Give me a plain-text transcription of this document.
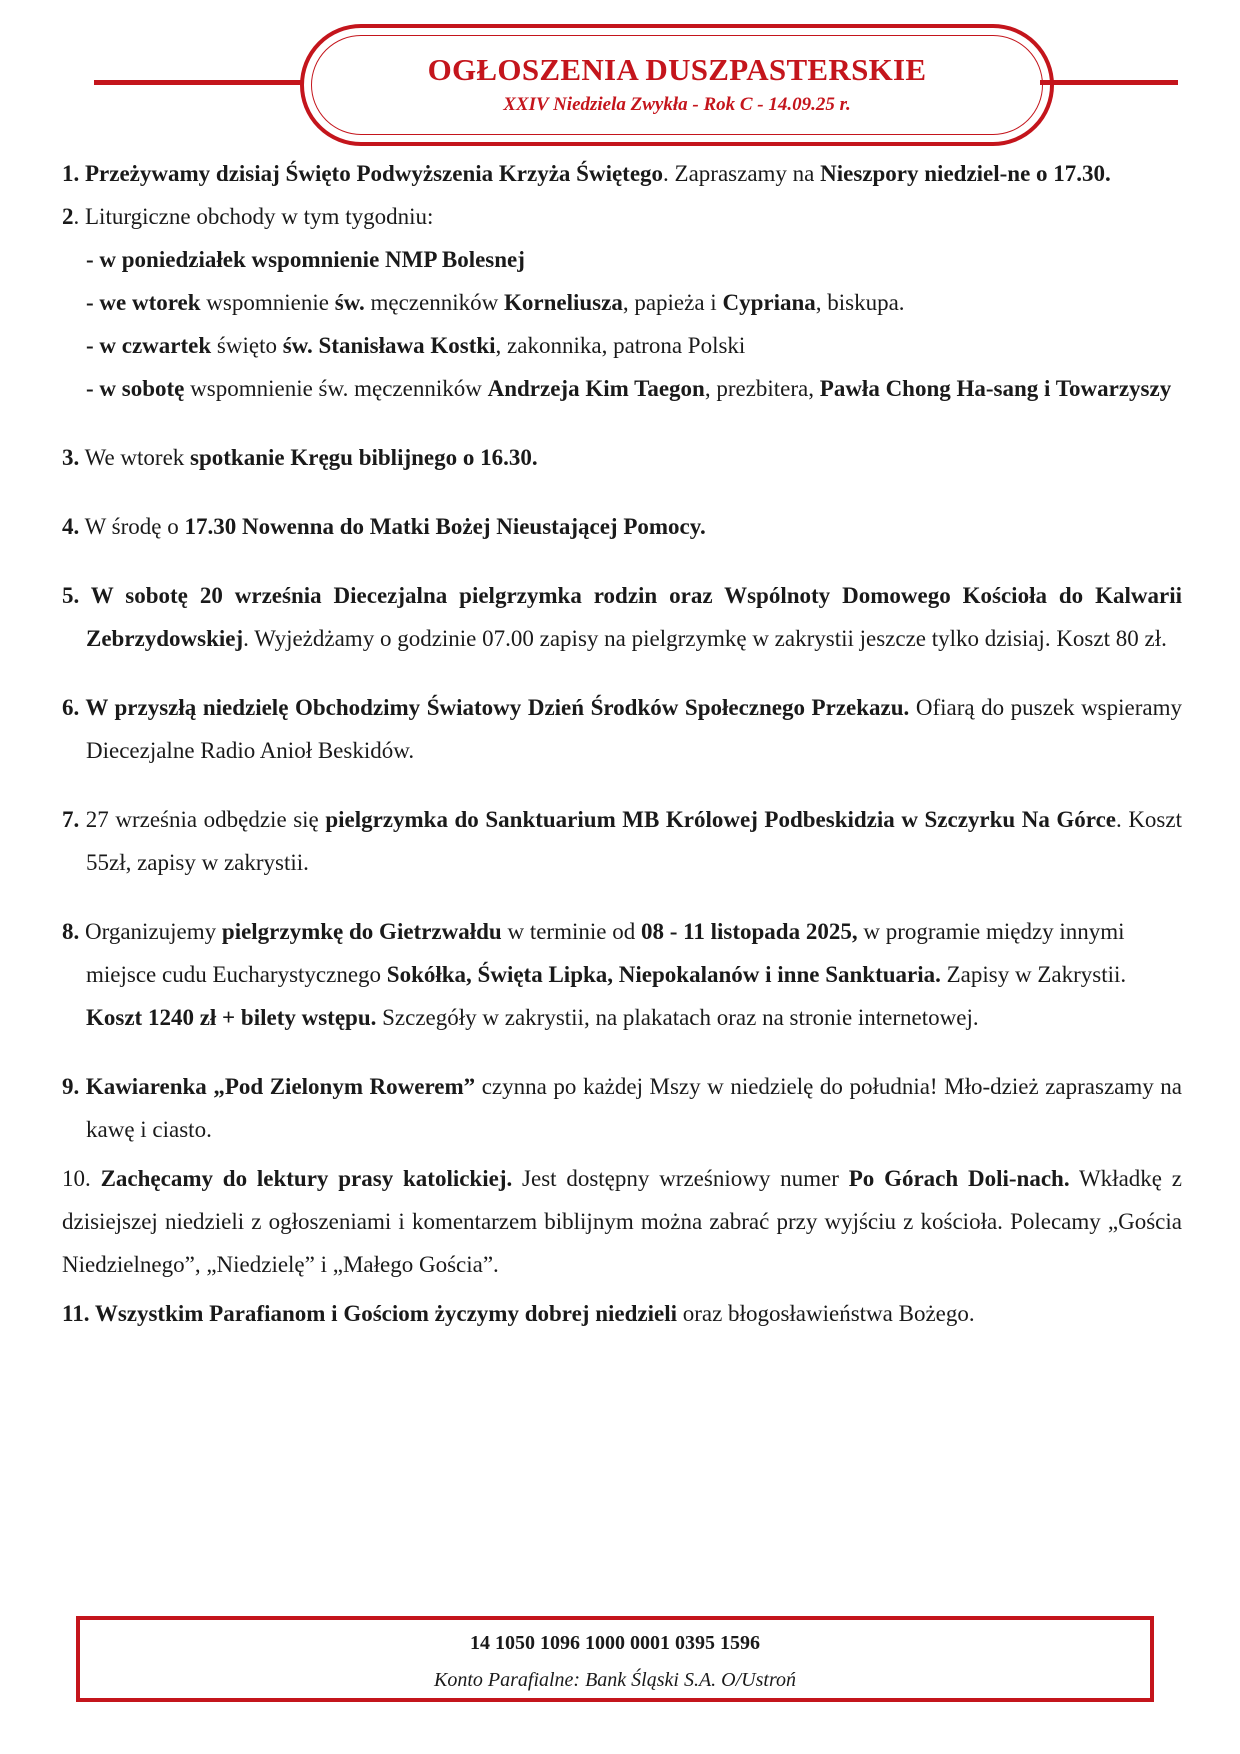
OGŁOSZENIA DUSZPASTERSKIE
XXIV Niedziela Zwykła - Rok C - 14.09.25 r.

1. Przeżywamy dzisiaj Święto Podwyższenia Krzyża Świętego. Zapraszamy na Nieszpory niedziel-ne o 17.30.

2. Liturgiczne obchody w tym tygodniu:

- w poniedziałek wspomnienie NMP Bolesnej

- we wtorek wspomnienie św. męczenników Korneliusza, papieża i Cypriana, biskupa.

- w czwartek święto św. Stanisława Kostki, zakonnika, patrona Polski

- w sobotę wspomnienie św. męczenników Andrzeja Kim Taegon, prezbitera, Pawła Chong Ha-sang i Towarzyszy

3. We wtorek spotkanie Kręgu biblijnego o 16.30.

4. W środę o 17.30 Nowenna do Matki Bożej Nieustającej Pomocy.

5. W sobotę 20 września Diecezjalna pielgrzymka rodzin oraz Wspólnoty Domowego Kościoła do Kalwarii Zebrzydowskiej. Wyjeżdżamy o godzinie 07.00 zapisy na pielgrzymkę w zakrystii jeszcze tylko dzisiaj. Koszt 80 zł.

6. W przyszłą niedzielę Obchodzimy Światowy Dzień Środków Społecznego Przekazu. Ofiarą do puszek wspieramy Diecezjalne Radio Anioł Beskidów.

7. 27 września odbędzie się pielgrzymka do Sanktuarium MB Królowej Podbeskidzia w Szczyrku Na Górce. Koszt 55zł, zapisy w zakrystii.

8. Organizujemy pielgrzymkę do Gietrzwałdu w terminie od 08 - 11 listopada 2025, w programie między innymi miejsce cudu Eucharystycznego Sokółka, Święta Lipka, Niepokalanów i inne Sanktuaria. Zapisy w Zakrystii. Koszt 1240 zł + bilety wstępu. Szczegóły w zakrystii, na plakatach oraz na stronie internetowej.

9. Kawiarenka „Pod Zielonym Rowerem” czynna po każdej Mszy w niedzielę do południa! Mło-dzież zapraszamy na kawę i ciasto.

10. Zachęcamy do lektury prasy katolickiej. Jest dostępny wrześniowy numer Po Górach Doli-nach. Wkładkę z dzisiejszej niedzieli z ogłoszeniami i komentarzem biblijnym można zabrać przy wyjściu z kościoła. Polecamy „Gościa Niedzielnego”, „Niedzielę” i „Małego Gościa”.

11. Wszystkim Parafianom i Gościom życzymy dobrej niedzieli oraz błogosławieństwa Bożego.

14 1050 1096 1000 0001 0395 1596
Konto Parafialne: Bank Śląski S.A. O/Ustroń
